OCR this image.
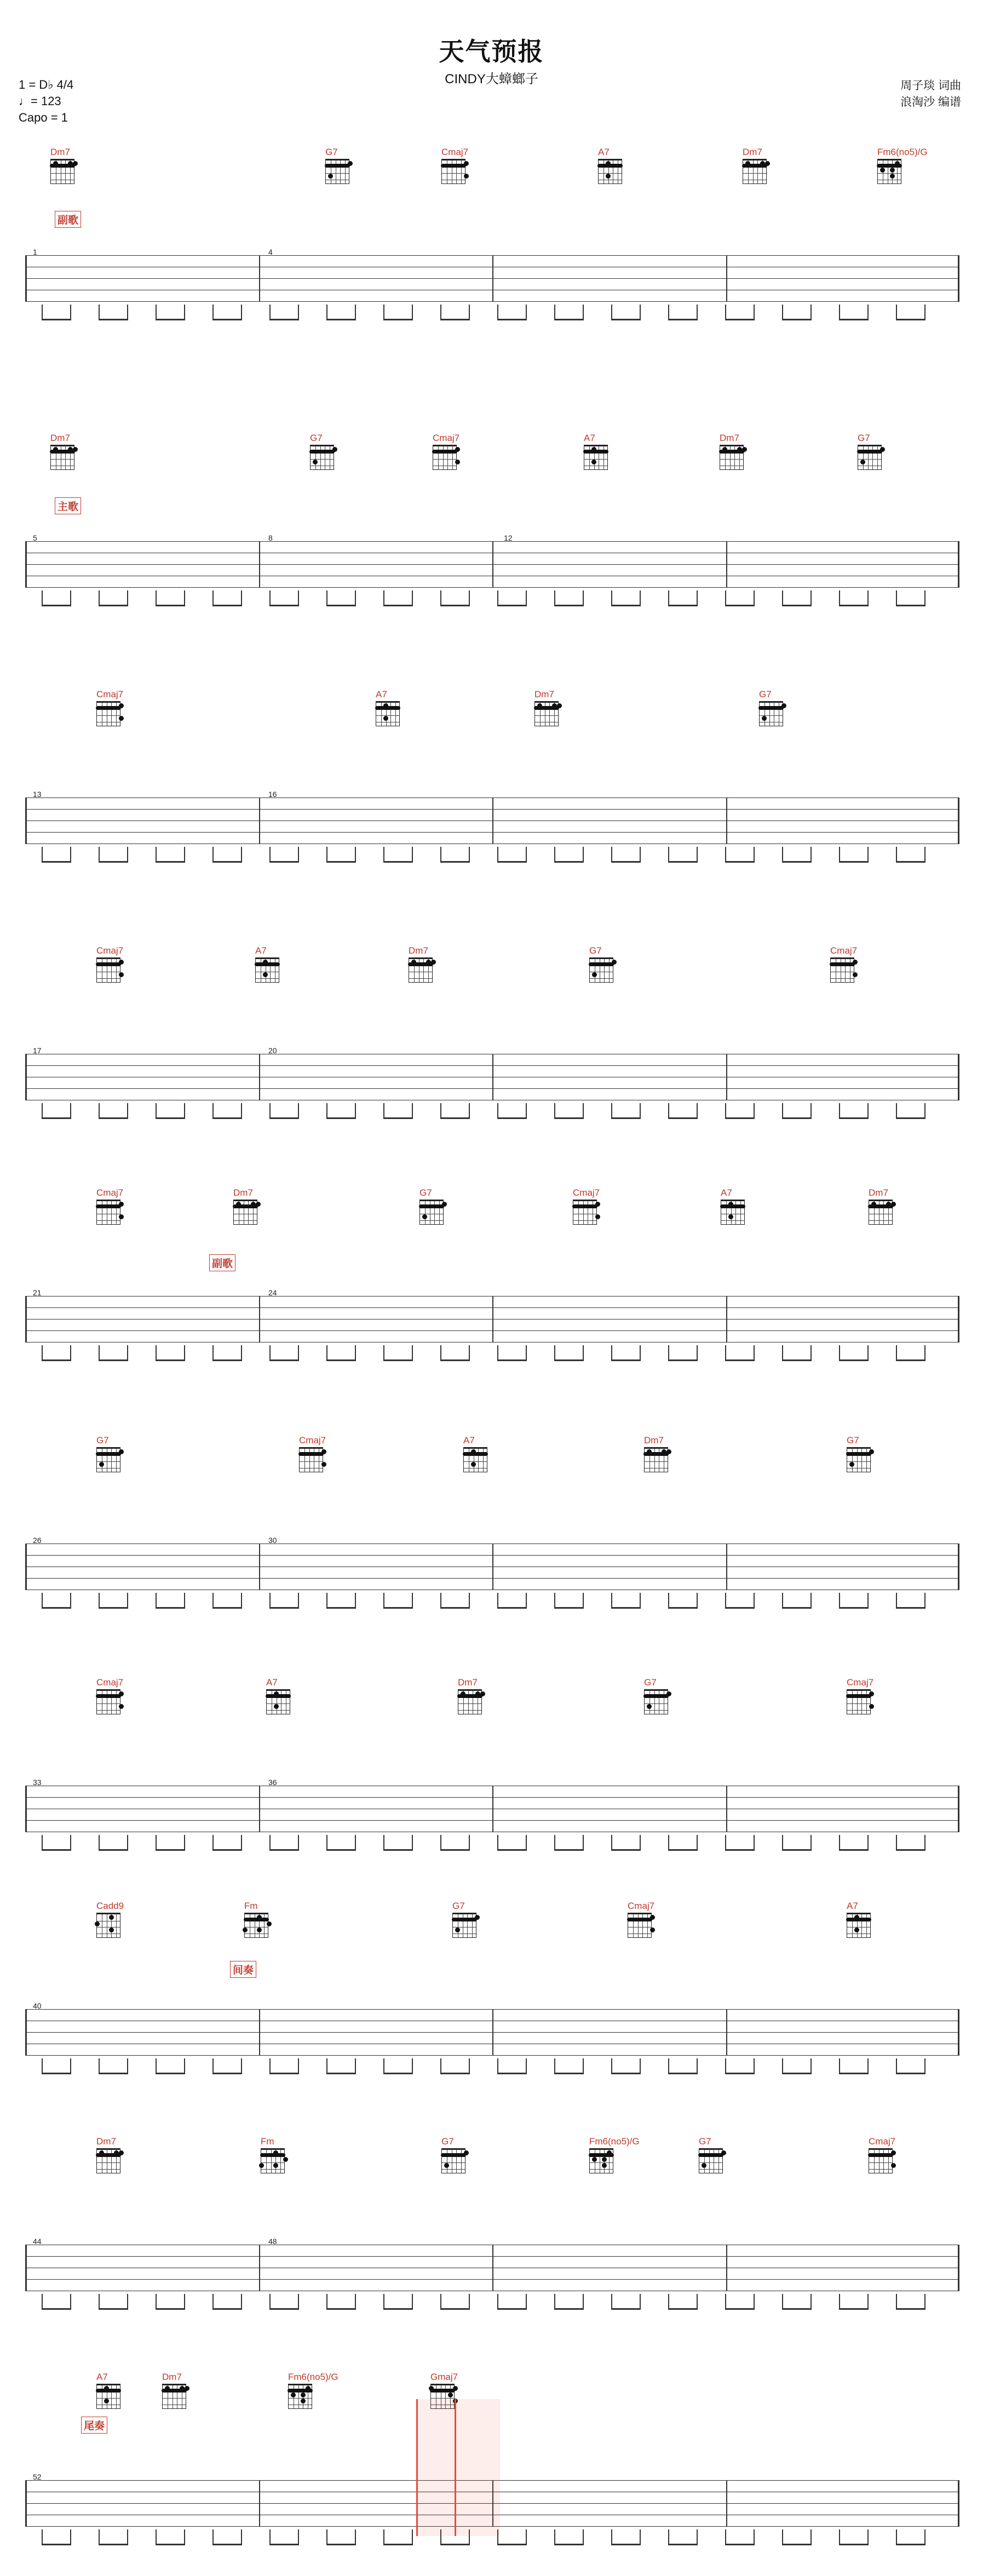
天气预报
CINDY大蟑螂子
1 = D♭ 4/4
♩= 123
Capo = 1
周子琰 词曲
浪淘沙 编谱
Dm7	G7	Cmaj7	A7	Dm7	Fm6(no5)/G
1	4
Dm7	G7	Cmaj7	A7	Dm7	G7
5	8	12
Cmaj7	A7	Dm7	G7
13	16
Cmaj7	A7	Dm7	G7	Cmaj7
17	20
Cmaj7	Dm7	G7	Cmaj7	A7	Dm7
21	24
G7	Cmaj7	A7	Dm7	G7
26	30
Cmaj7	A7	Dm7	G7	Cmaj7
33	36
Cadd9	Fm	G7	Cmaj7	A7
40
Dm7	Fm	G7	Fm6(no5)/G	G7	Cmaj7
44	48
A7	Dm7	Fm6(no5)/G	Gmaj7
52
副歌
主歌
副歌
间奏
尾奏
